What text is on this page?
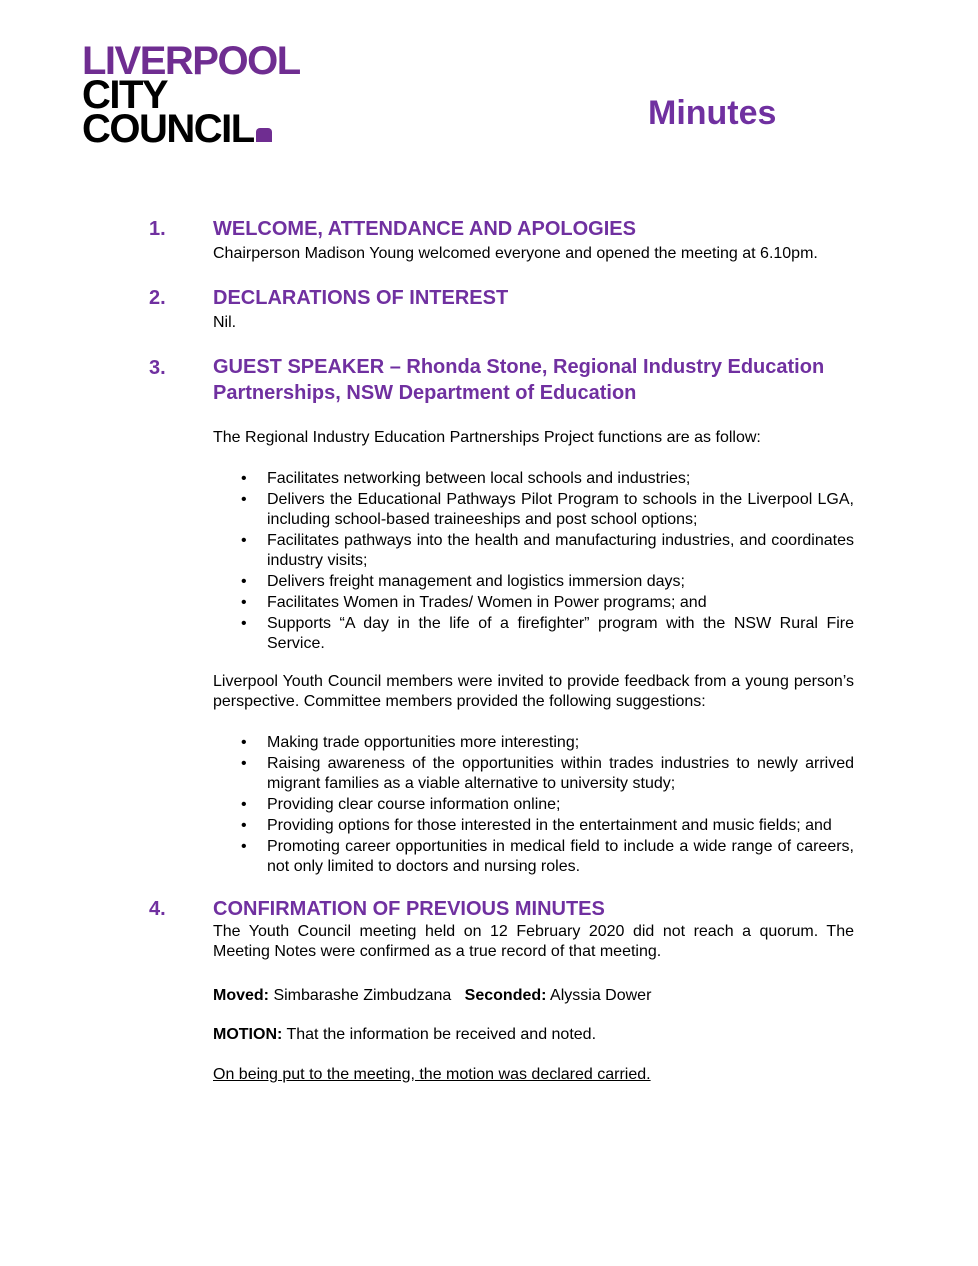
LIVERPOOL
CITY
COUNCIL	Minutes
1. WELCOME, ATTENDANCE AND APOLOGIES

Chairperson Madison Young welcomed everyone and opened the meeting at 6.10pm.

2. DECLARATIONS OF INTEREST

Nil.

3. GUEST SPEAKER – Rhonda Stone, Regional Industry Education Partnerships, NSW Department of Education

The Regional Industry Education Partnerships Project functions are as follow:

• Facilitates networking between local schools and industries;
• Delivers the Educational Pathways Pilot Program to schools in the Liverpool LGA, including school-based traineeships and post school options;
• Facilitates pathways into the health and manufacturing industries, and coordinates industry visits;
• Delivers freight management and logistics immersion days;
• Facilitates Women in Trades/ Women in Power programs; and
• Supports “A day in the life of a firefighter” program with the NSW Rural Fire Service.

Liverpool Youth Council members were invited to provide feedback from a young person’s perspective. Committee members provided the following suggestions:

• Making trade opportunities more interesting;
• Raising awareness of the opportunities within trades industries to newly arrived migrant families as a viable alternative to university study;
• Providing clear course information online;
• Providing options for those interested in the entertainment and music fields; and
• Promoting career opportunities in medical field to include a wide range of careers, not only limited to doctors and nursing roles.
4. CONFIRMATION OF PREVIOUS MINUTES

The Youth Council meeting held on 12 February 2020 did not reach a quorum. The Meeting Notes were confirmed as a true record of that meeting.

Moved: Simbarashe Zimbudzana Seconded: Alyssia Dower

MOTION: That the information be received and noted.

On being put to the meeting, the motion was declared carried.
